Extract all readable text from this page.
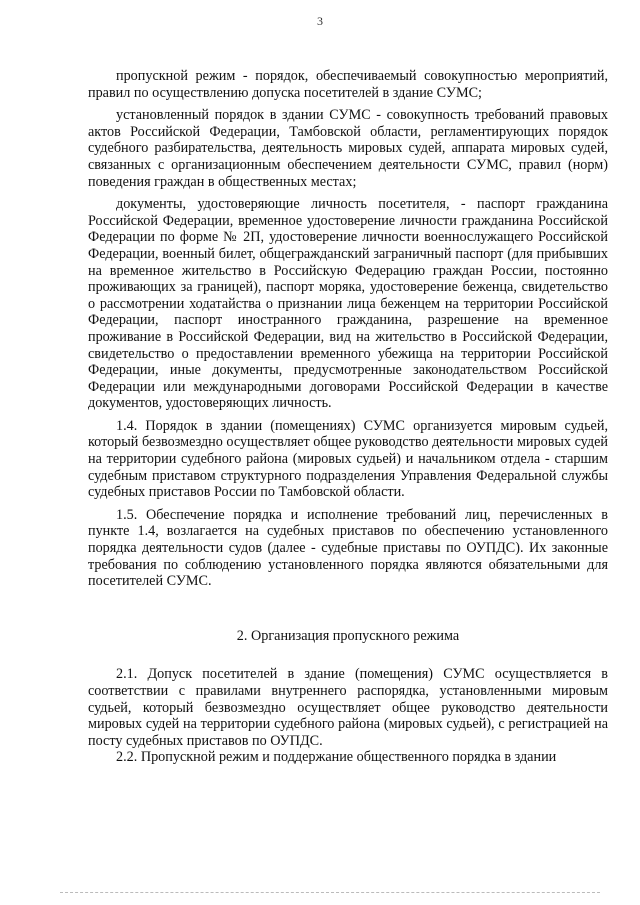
3

пропускной режим - порядок, обеспечиваемый совокупностью мероприятий, правил по осуществлению допуска посетителей в здание СУМС;

установленный порядок в здании СУМС - совокупность требований правовых актов Российской Федерации, Тамбовской области, регламентирующих порядок судебного разбирательства, деятельность мировых судей, аппарата мировых судей, связанных с организационным обеспечением деятельности СУМС, правил (норм) поведения граждан в общественных местах;

документы, удостоверяющие личность посетителя, - паспорт гражданина Российской Федерации, временное удостоверение личности гражданина Российской Федерации по форме № 2П, удостоверение личности военнослужащего Российской Федерации, военный билет, общегражданский заграничный паспорт (для прибывших на временное жительство в Российскую Федерацию граждан России, постоянно проживающих за границей), паспорт моряка, удостоверение беженца, свидетельство о рассмотрении ходатайства о признании лица беженцем на территории Российской Федерации, паспорт иностранного гражданина, разрешение на временное проживание в Российской Федерации, вид на жительство в Российской Федерации, свидетельство о предоставлении временного убежища на территории Российской Федерации, иные документы, предусмотренные законодательством Российской Федерации или международными договорами Российской Федерации в качестве документов, удостоверяющих личность.

1.4. Порядок в здании (помещениях) СУМС организуется мировым судьей, который безвозмездно осуществляет общее руководство деятельности мировых судей на территории судебного района (мировых судьей) и начальником отдела - старшим судебным приставом структурного подразделения Управления Федеральной службы судебных приставов России по Тамбовской области.

1.5. Обеспечение порядка и исполнение требований лиц, перечисленных в пункте 1.4, возлагается на судебных приставов по обеспечению установленного порядка деятельности судов (далее - судебные приставы по ОУПДС). Их законные требования по соблюдению установленного порядка являются обязательными для посетителей СУМС.

2. Организация пропускного режима

2.1. Допуск посетителей в здание (помещения) СУМС осуществляется в соответствии с правилами внутреннего распорядка, установленными мировым судьей, который безвозмездно осуществляет общее руководство деятельности мировых судей на территории судебного района (мировых судьей), с регистрацией на посту судебных приставов по ОУПДС.

2.2. Пропускной режим и поддержание общественного порядка в здании
